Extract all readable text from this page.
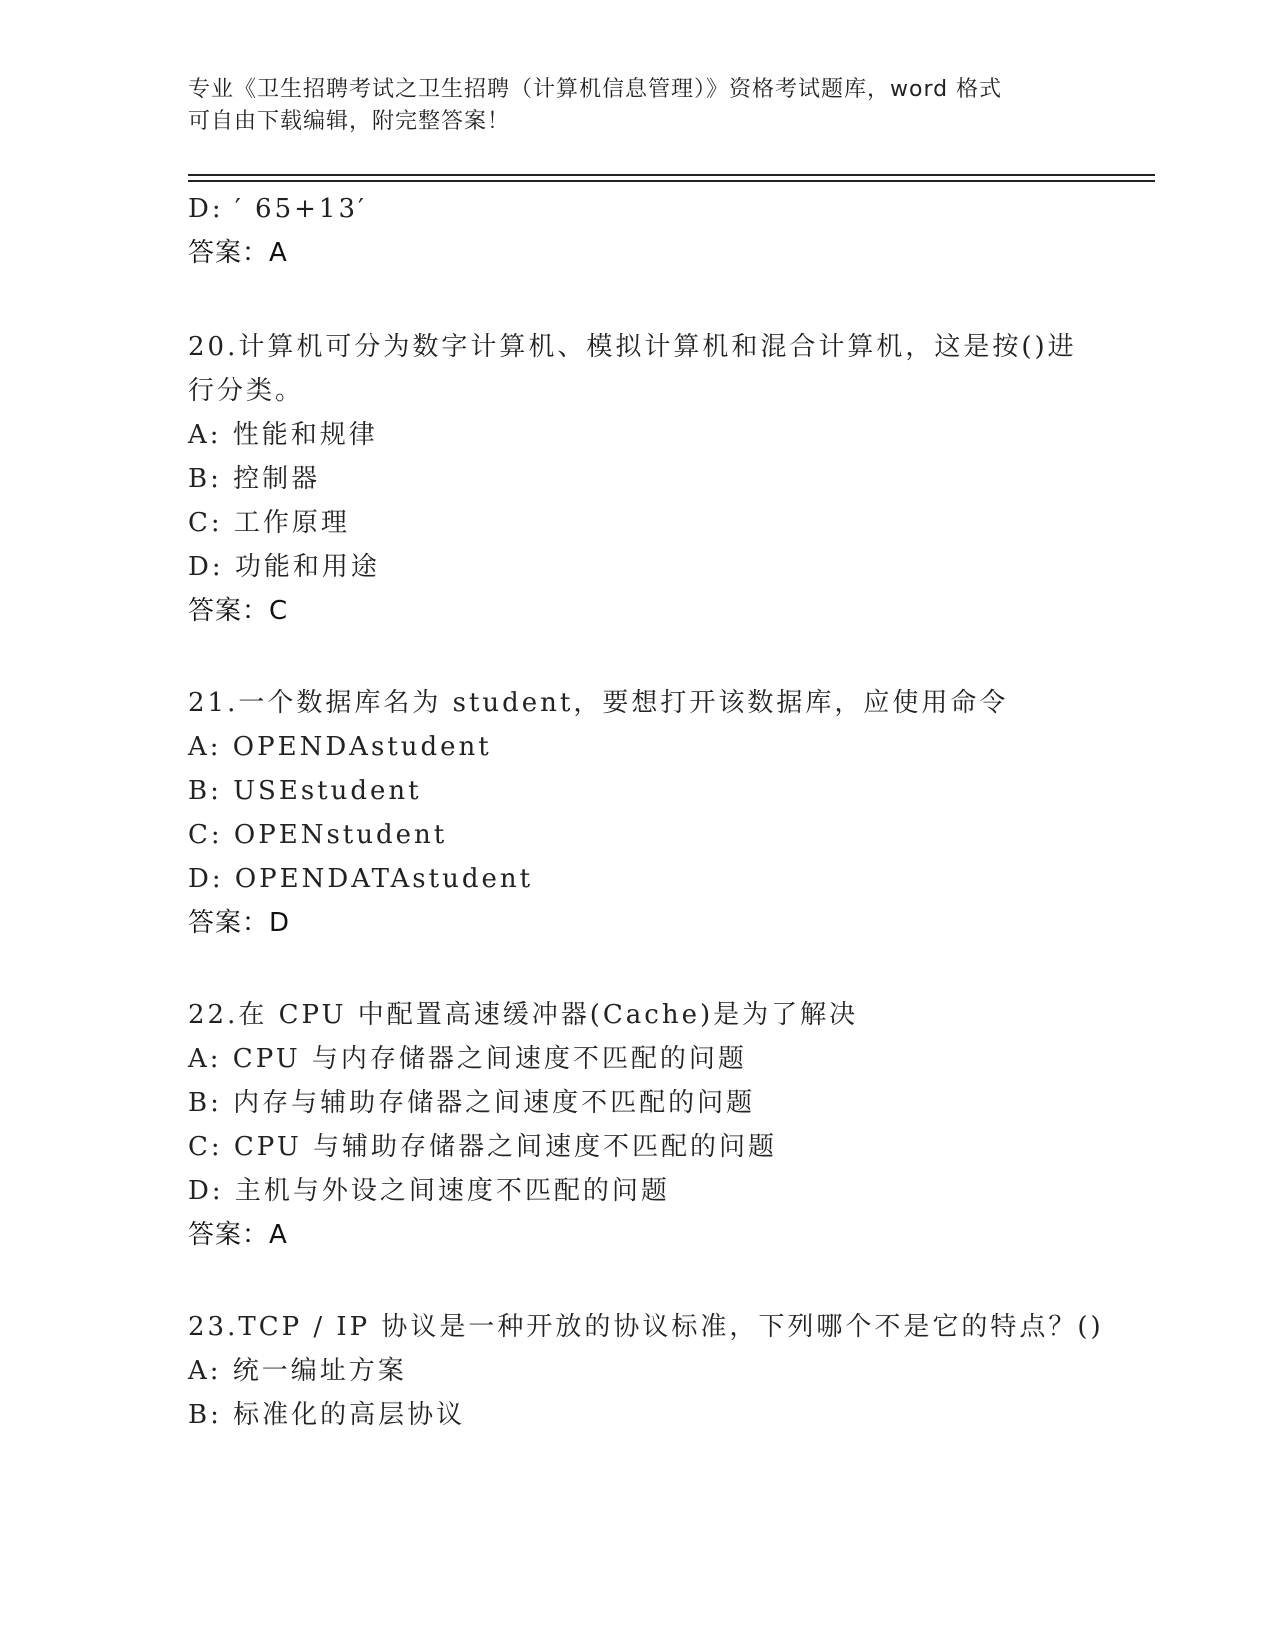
专业《卫生招聘考试之卫生招聘（计算机信息管理）》资格考试题库，word 格式
可自由下载编辑，附完整答案！
D: ′ 65+13′
答案：A
20.计算机可分为数字计算机、模拟计算机和混合计算机，这是按()进
行分类。
A: 性能和规律
B: 控制器
C: 工作原理
D: 功能和用途
答案：C
21.一个数据库名为 student，要想打开该数据库，应使用命令
A: OPENDAstudent
B: USEstudent
C: OPENstudent
D: OPENDATAstudent
答案：D
22.在 CPU 中配置高速缓冲器(Cache)是为了解决
A: CPU 与内存储器之间速度不匹配的问题
B: 内存与辅助存储器之间速度不匹配的问题
C: CPU 与辅助存储器之间速度不匹配的问题
D: 主机与外设之间速度不匹配的问题
答案：A
23.TCP / IP 协议是一种开放的协议标准，下列哪个不是它的特点？()
A: 统一编址方案
B: 标准化的高层协议
